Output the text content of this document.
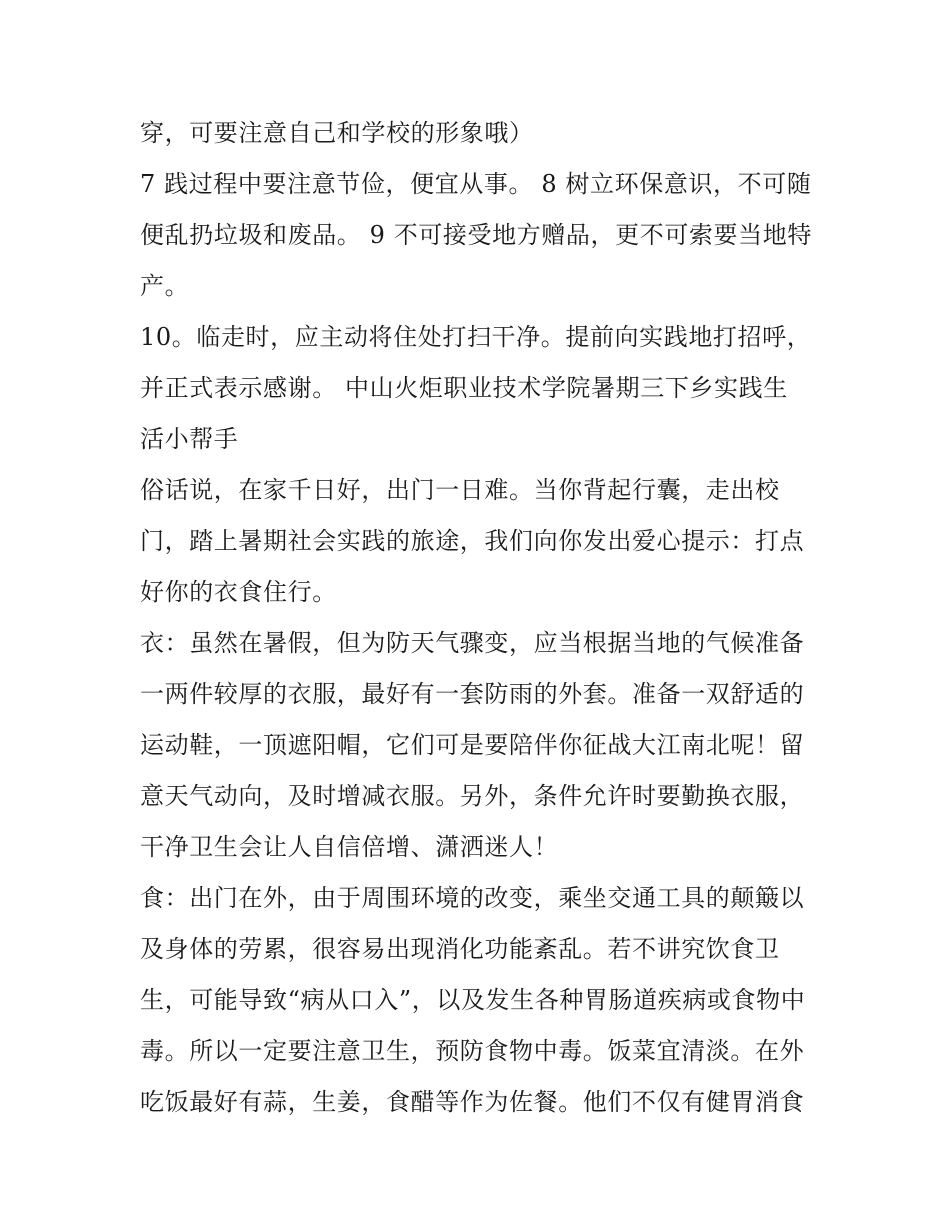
穿，可要注意自己和学校的形象哦）
7 践过程中要注意节俭，便宜从事。 8 树立环保意识，不可随
便乱扔垃圾和废品。 9 不可接受地方赠品，更不可索要当地特
产。
10。临走时，应主动将住处打扫干净。提前向实践地打招呼，
并正式表示感谢。 中山火炬职业技术学院暑期三下乡实践生
活小帮手
俗话说，在家千日好，出门一日难。当你背起行囊，走出校
门，踏上暑期社会实践的旅途，我们向你发出爱心提示：打点
好你的衣食住行。
衣：虽然在暑假，但为防天气骤变，应当根据当地的气候准备
一两件较厚的衣服，最好有一套防雨的外套。准备一双舒适的
运动鞋，一顶遮阳帽，它们可是要陪伴你征战大江南北呢！留
意天气动向，及时增减衣服。另外，条件允许时要勤换衣服，
干净卫生会让人自信倍增、潇洒迷人！
食：出门在外，由于周围环境的改变，乘坐交通工具的颠簸以
及身体的劳累，很容易出现消化功能紊乱。若不讲究饮食卫
生，可能导致“病从口入”，以及发生各种胃肠道疾病或食物中
毒。所以一定要注意卫生，预防食物中毒。饭菜宜清淡。在外
吃饭最好有蒜，生姜，食醋等作为佐餐。他们不仅有健胃消食
